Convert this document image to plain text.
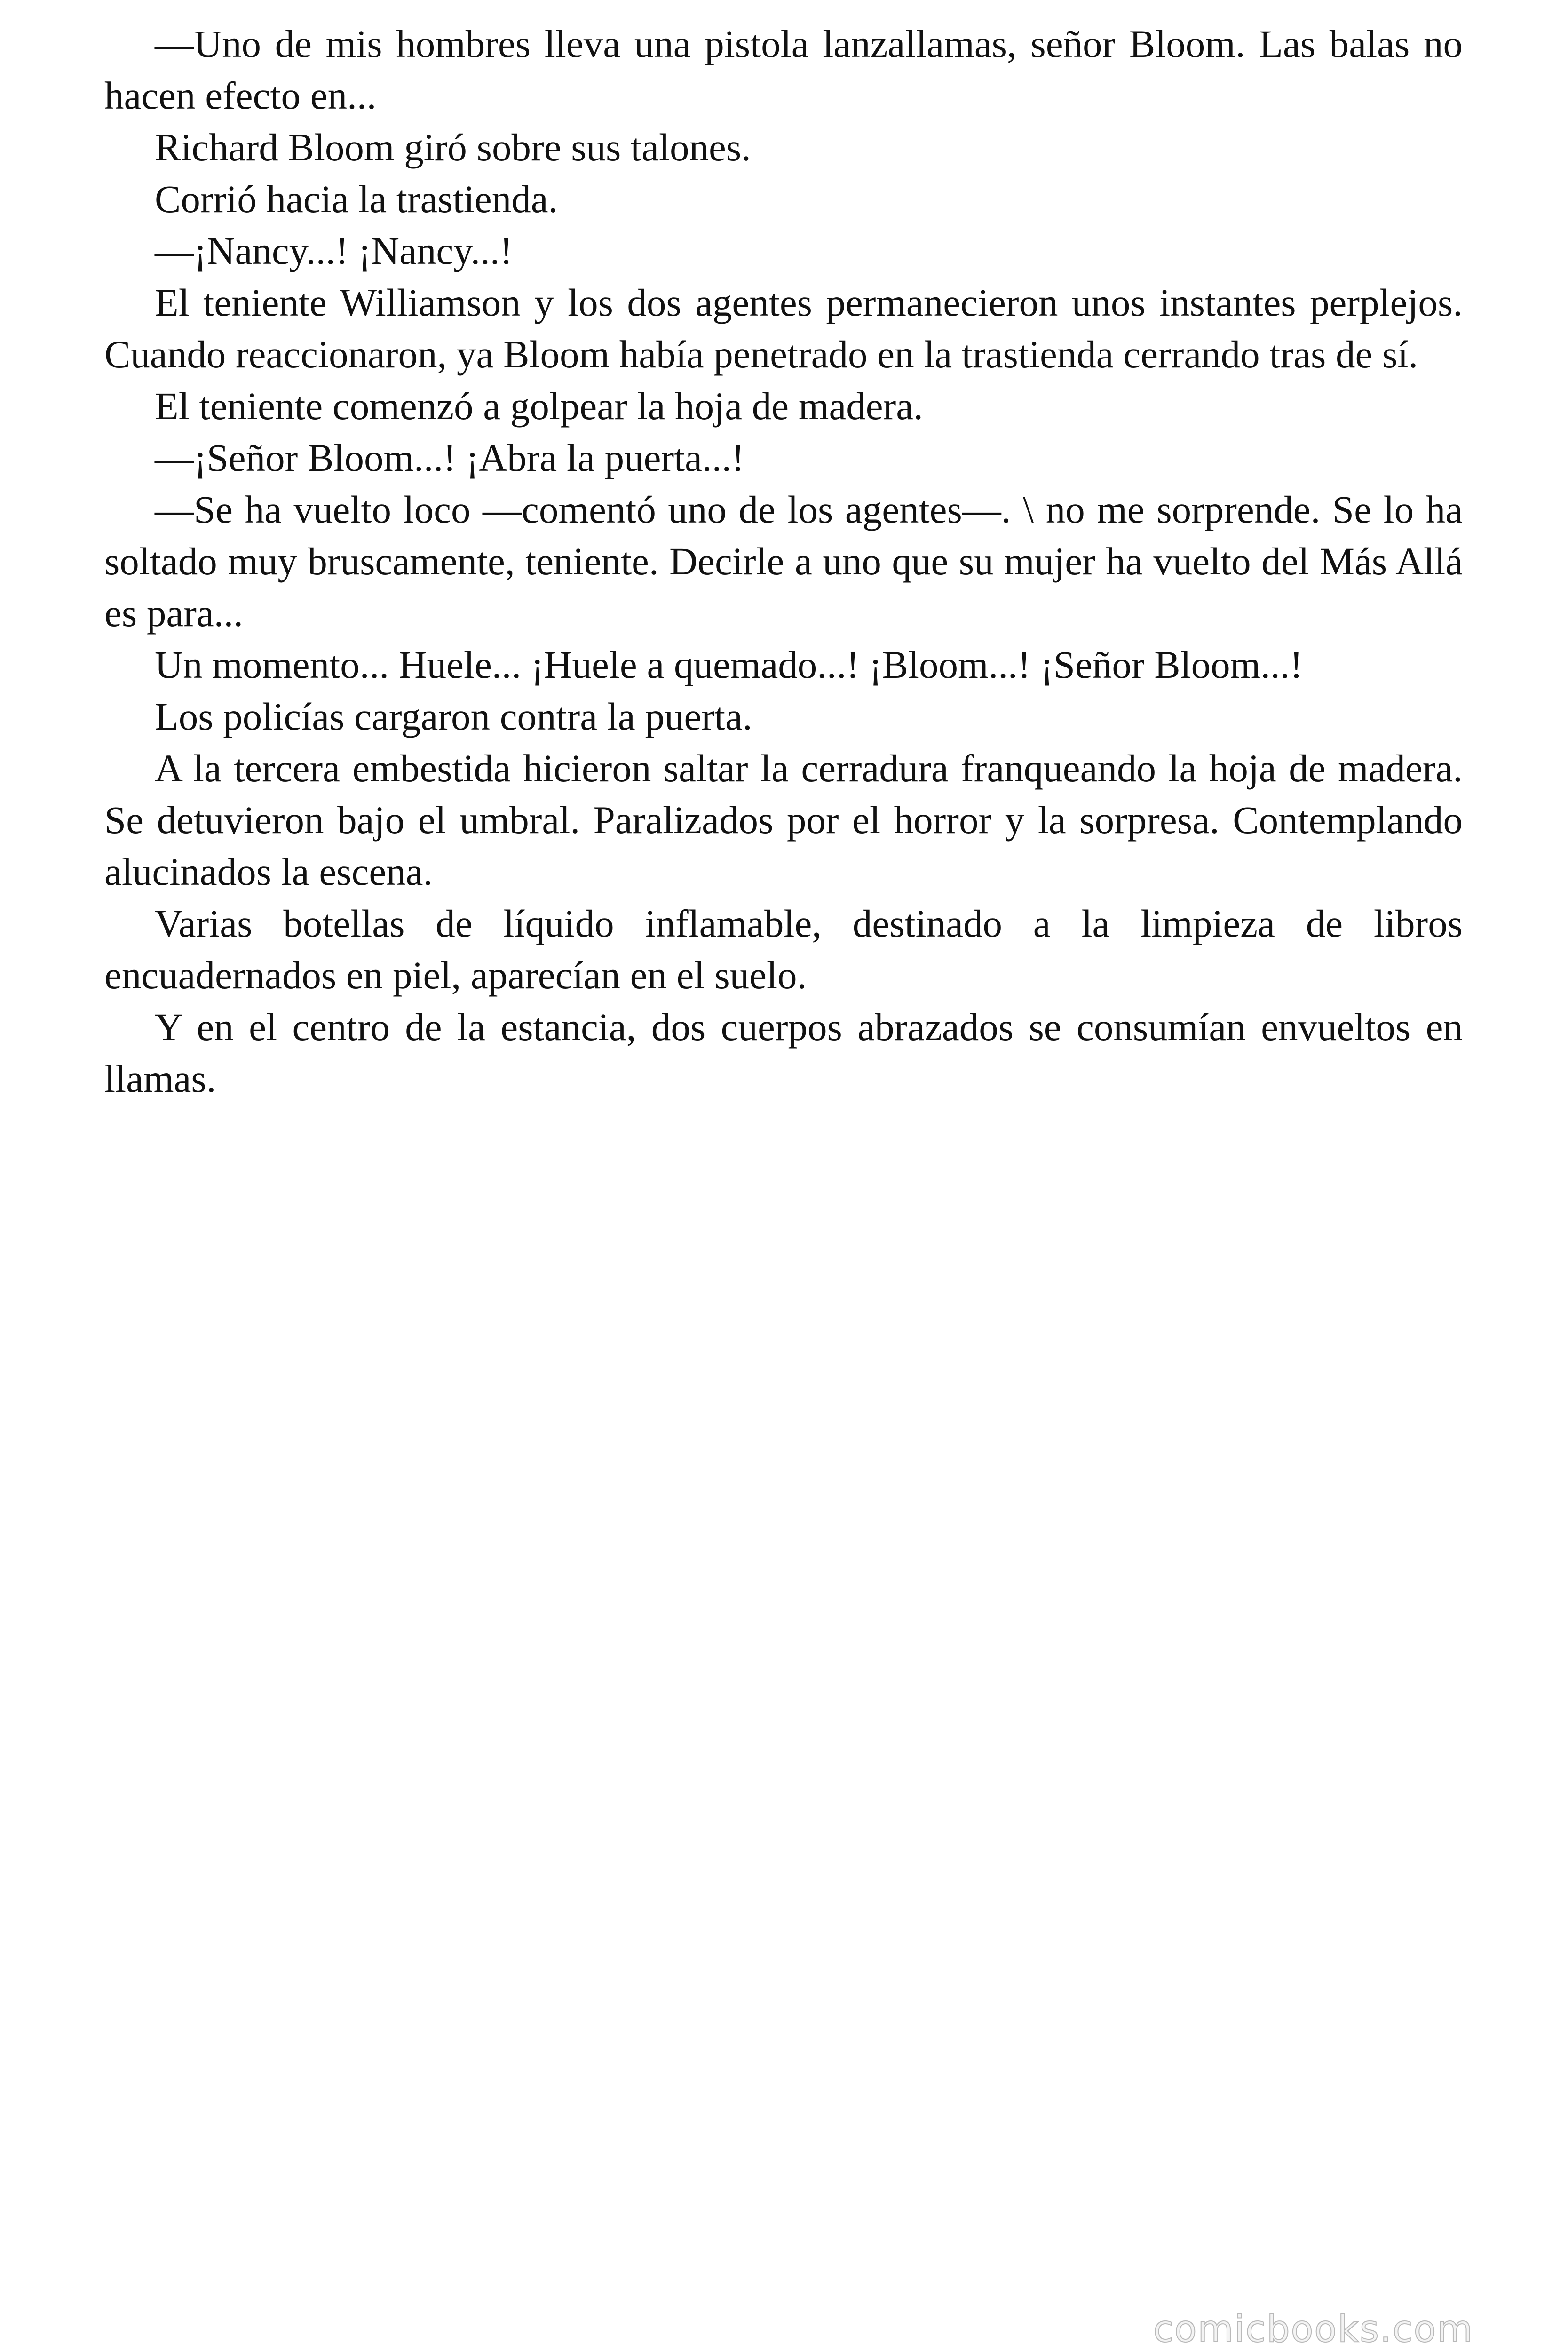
—Uno de mis hombres lleva una pistola lanzallamas, señor Bloom. Las balas no hacen efecto en...

Richard Bloom giró sobre sus talones.

Corrió hacia la trastienda.

—¡Nancy...! ¡Nancy...!

El teniente Williamson y los dos agentes permanecieron unos instantes perplejos. Cuando reaccionaron, ya Bloom había penetrado en la trastienda cerrando tras de sí.

El teniente comenzó a golpear la hoja de madera.

—¡Señor Bloom...! ¡Abra la puerta...!

—Se ha vuelto loco —comentó uno de los agentes—. \ no me sorprende. Se lo ha soltado muy bruscamente, teniente. Decirle a uno que su mujer ha vuelto del Más Allá es para...

Un momento... Huele... ¡Huele a quemado...! ¡Bloom...! ¡Señor Bloom...!

Los policías cargaron contra la puerta.

A la tercera embestida hicieron saltar la cerradura franqueando la hoja de madera. Se detuvieron bajo el umbral. Paralizados por el horror y la sorpresa. Contemplando alucinados la escena.

Varias botellas de líquido inflamable, destinado a la limpieza de libros encuadernados en piel, aparecían en el suelo.

Y en el centro de la estancia, dos cuerpos abrazados se consumían envueltos en llamas.

comicbooks.com
